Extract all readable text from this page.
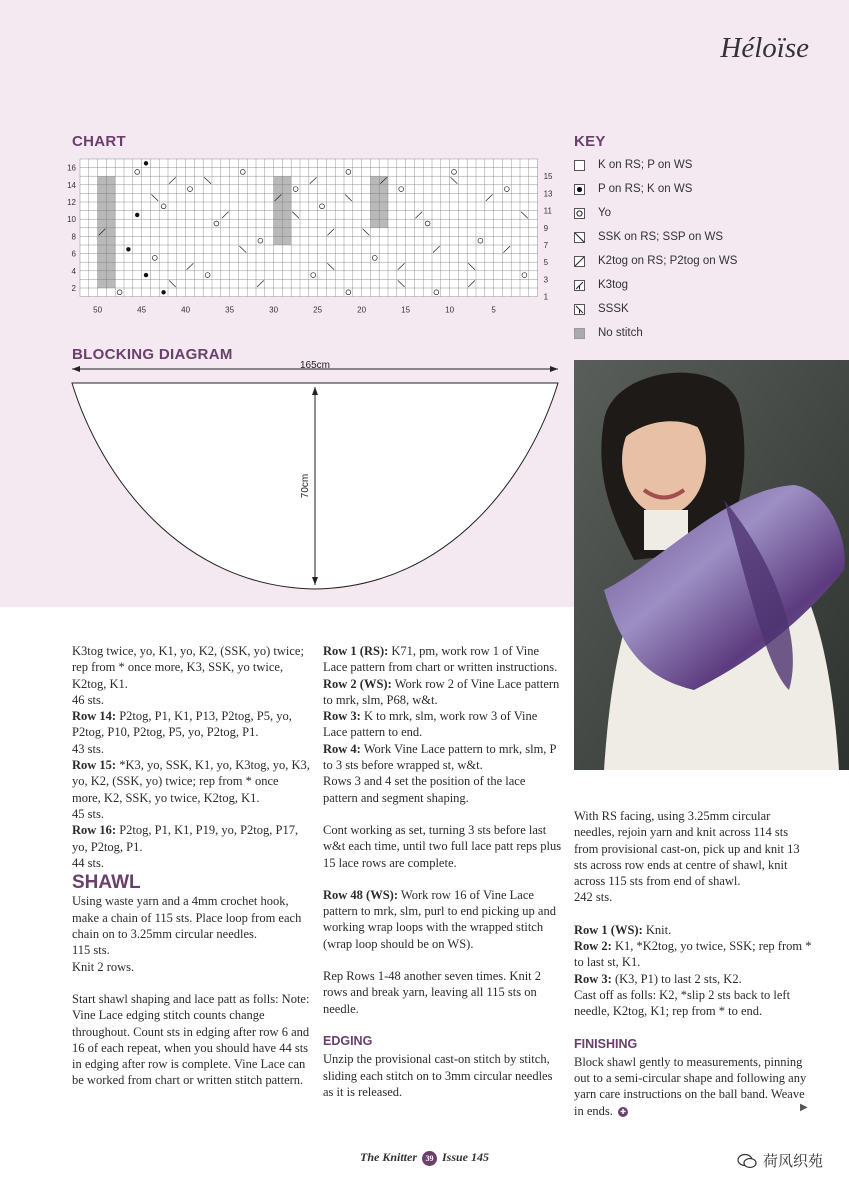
Héloïse
CHART
16
14
12
10
8
6
4
2
15
13
11
9
7
5
3
1
50	45	40	35	30	25	20	15	10	5
KEY
K on RS; P on WS
P on RS; K on WS
Yo
SSK on RS; SSP on WS
K2tog on RS; P2tog on WS
K3tog
SSSK
No stitch
BLOCKING DIAGRAM
165cm
70cm

K3tog twice, yo, K1, yo, K2, (SSK, yo) twice; rep from * once more, K3, SSK, yo twice, K2tog, K1.

46 sts.

Row 14: P2tog, P1, K1, P13, P2tog, P5, yo, P2tog, P10, P2tog, P5, yo, P2tog, P1.

43 sts.

Row 15: *K3, yo, SSK, K1, yo, K3tog, yo, K3, yo, K2, (SSK, yo) twice; rep from * once more, K2, SSK, yo twice, K2tog, K1.

45 sts.

Row 16: P2tog, P1, K1, P19, yo, P2tog, P17, yo, P2tog, P1.

44 sts.

SHAWL

Using waste yarn and a 4mm crochet hook, make a chain of 115 sts. Place loop from each chain on to 3.25mm circular needles.

115 sts.

Knit 2 rows.

Start shawl shaping and lace patt as folls: Note: Vine Lace edging stitch counts change throughout. Count sts in edging after row 6 and 16 of each repeat, when you should have 44 sts in edging after row is complete. Vine Lace can be worked from chart or written stitch pattern.

Row 1 (RS): K71, pm, work row 1 of Vine Lace pattern from chart or written instructions.

Row 2 (WS): Work row 2 of Vine Lace pattern to mrk, slm, P68, w&t.

Row 3: K to mrk, slm, work row 3 of Vine Lace pattern to end.

Row 4: Work Vine Lace pattern to mrk, slm, P to 3 sts before wrapped st, w&t.

Rows 3 and 4 set the position of the lace pattern and segment shaping.

Cont working as set, turning 3 sts before last w&t each time, until two full lace patt reps plus 15 lace rows are complete.

Row 48 (WS): Work row 16 of Vine Lace pattern to mrk, slm, purl to end picking up and working wrap loops with the wrapped stitch (wrap loop should be on WS).

Rep Rows 1-48 another seven times. Knit 2 rows and break yarn, leaving all 115 sts on needle.

EDGING

Unzip the provisional cast-on stitch by stitch, sliding each stitch on to 3mm circular needles as it is released.

With RS facing, using 3.25mm circular needles, rejoin yarn and knit across 114 sts from provisional cast-on, pick up and knit 13 sts across row ends at centre of shawl, knit across 115 sts from end of shawl.

242 sts.

Row 1 (WS): Knit.

Row 2: K1, *K2tog, yo twice, SSK; rep from * to last st, K1.

Row 3: (K3, P1) to last 2 sts, K2.

Cast off as folls: K2, *slip 2 sts back to left needle, K2tog, K1; rep from * to end.

FINISHING

Block shawl gently to measurements, pinning out to a semi-circular shape and following any yarn care instructions on the ball band. Weave in ends. ✚	▶
The Knitter 39 Issue 145	荷风织苑
